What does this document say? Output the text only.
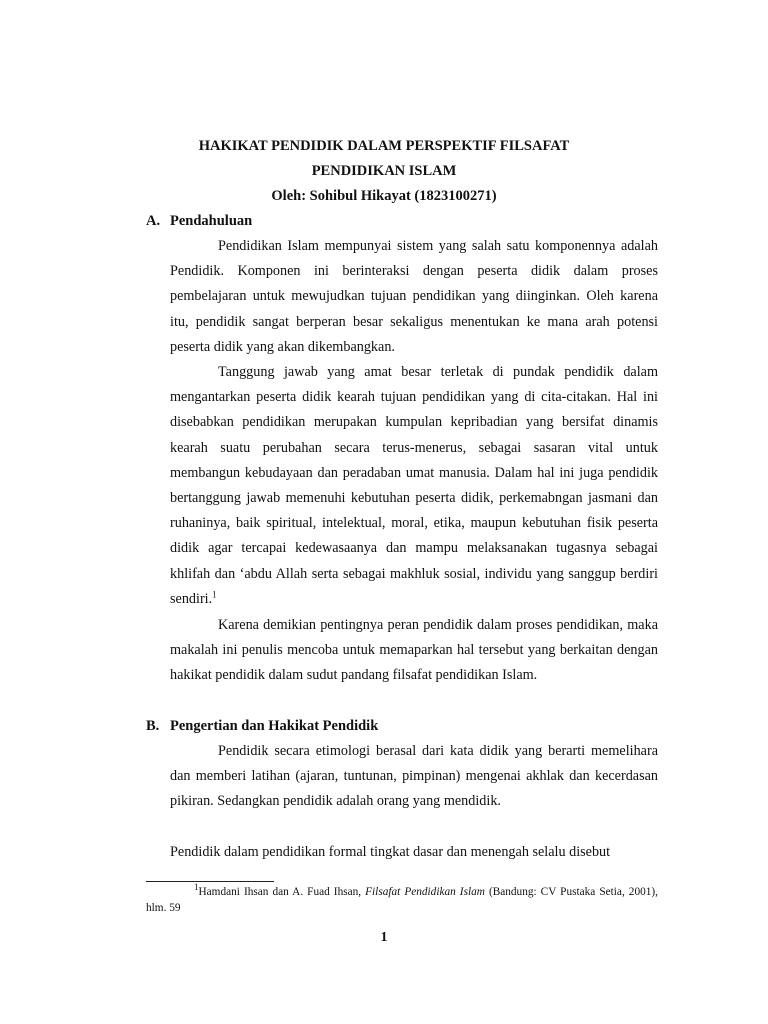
HAKIKAT PENDIDIK DALAM PERSPEKTIF FILSAFAT
PENDIDIKAN ISLAM
Oleh: Sohibul Hikayat (1823100271)
A. Pendahuluan

Pendidikan Islam mempunyai sistem yang salah satu komponennya adalah Pendidik. Komponen ini berinteraksi dengan peserta didik dalam proses pembelajaran untuk mewujudkan tujuan pendidikan yang diinginkan. Oleh karena itu, pendidik sangat berperan besar sekaligus menentukan ke mana arah potensi peserta didik yang akan dikembangkan.

Tanggung jawab yang amat besar terletak di pundak pendidik dalam mengantarkan peserta didik kearah tujuan pendidikan yang di cita-citakan. Hal ini disebabkan pendidikan merupakan kumpulan kepribadian yang bersifat dinamis kearah suatu perubahan secara terus-menerus, sebagai sasaran vital untuk membangun kebudayaan dan peradaban umat manusia. Dalam hal ini juga pendidik bertanggung jawab memenuhi kebutuhan peserta didik, perkemabngan jasmani dan ruhaninya, baik spiritual, intelektual, moral, etika, maupun kebutuhan fisik peserta didik agar tercapai kedewasaanya dan mampu melaksanakan tugasnya sebagai khlifah dan ‘abdu Allah serta sebagai makhluk sosial, individu yang sanggup berdiri sendiri.$^1$

Karena demikian pentingnya peran pendidik dalam proses pendidikan, maka makalah ini penulis mencoba untuk memaparkan hal tersebut yang berkaitan dengan hakikat pendidik dalam sudut pandang filsafat pendidikan Islam.

B. Pengertian dan Hakikat Pendidik

Pendidik secara etimologi berasal dari kata didik yang berarti memelihara dan memberi latihan (ajaran, tuntunan, pimpinan) mengenai akhlak dan kecerdasan pikiran. Sedangkan pendidik adalah orang yang mendidik.

Pendidik dalam pendidikan formal tingkat dasar dan menengah selalu disebut

$^1$Hamdani Ihsan dan A. Fuad Ihsan, Filsafat Pendidikan Islam (Bandung: CV Pustaka Setia, 2001), hlm. 59

1
